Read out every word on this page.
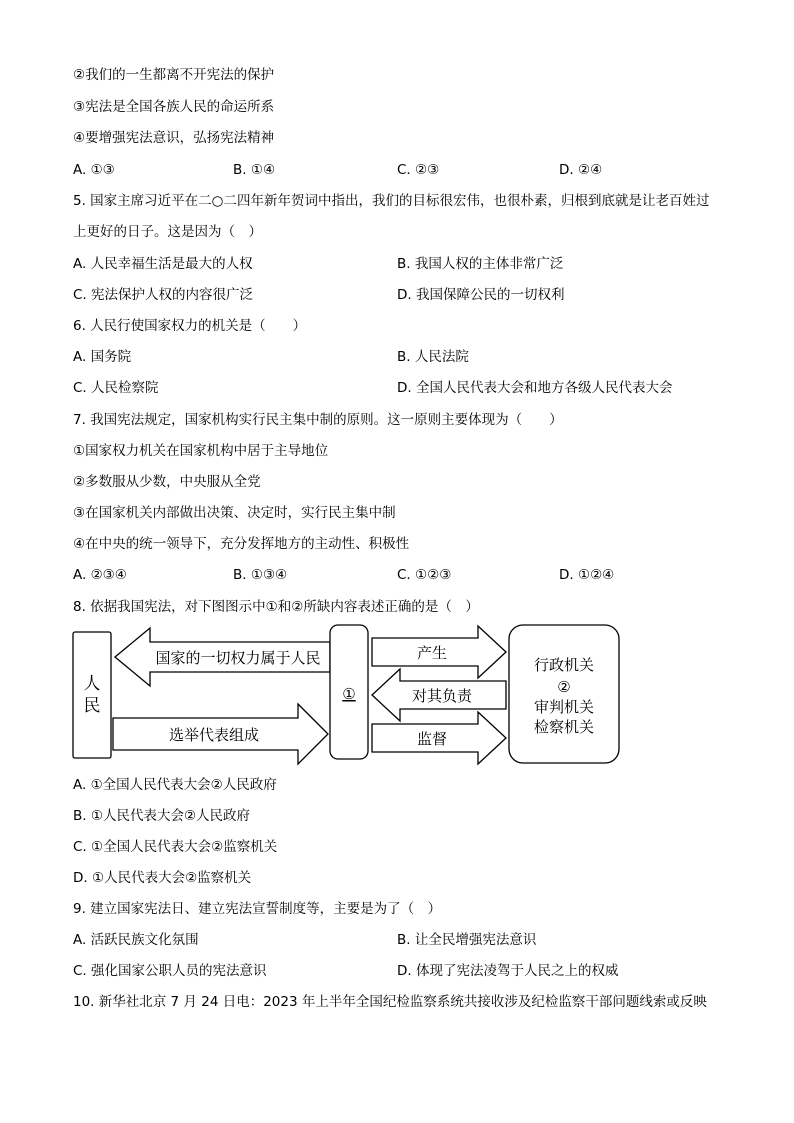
②我们的一生都离不开宪法的保护
③宪法是全国各族人民的命运所系
④要增强宪法意识，弘扬宪法精神
A. ①③	B. ①④	C. ②③	D. ②④
5. 国家主席习近平在二○二四年新年贺词中指出，我们的目标很宏伟，也很朴素，归根到底就是让老百姓过
上更好的日子。这是因为（　）
A. 人民幸福生活是最大的人权	B. 我国人权的主体非常广泛
C. 宪法保护人权的内容很广泛	D. 我国保障公民的一切权利
6. 人民行使国家权力的机关是（　　）
A. 国务院	B. 人民法院
C. 人民检察院	D. 全国人民代表大会和地方各级人民代表大会
7. 我国宪法规定，国家机构实行民主集中制的原则。这一原则主要体现为（　　）
①国家权力机关在国家机构中居于主导地位
②多数服从少数，中央服从全党
③在国家机关内部做出决策、决定时，实行民主集中制
④在中央的统一领导下，充分发挥地方的主动性、积极性
A. ②③④	B. ①③④	C. ①②③	D. ①②④
8. 依据我国宪法，对下图图示中①和②所缺内容表述正确的是（　）
人
民
国家的一切权力属于人民
选举代表组成
①
产生
对其负责
监督
行政机关
②
审判机关
检察机关
A. ①全国人民代表大会②人民政府
B. ①人民代表大会②人民政府
C. ①全国人民代表大会②监察机关
D. ①人民代表大会②监察机关
9. 建立国家宪法日、建立宪法宣誓制度等，主要是为了（　）
A. 活跃民族文化氛围	B. 让全民增强宪法意识
C. 强化国家公职人员的宪法意识	D. 体现了宪法凌驾于人民之上的权威
10. 新华社北京 7 月 24 日电：2023 年上半年全国纪检监察系统共接收涉及纪检监察干部问题线索或反映
